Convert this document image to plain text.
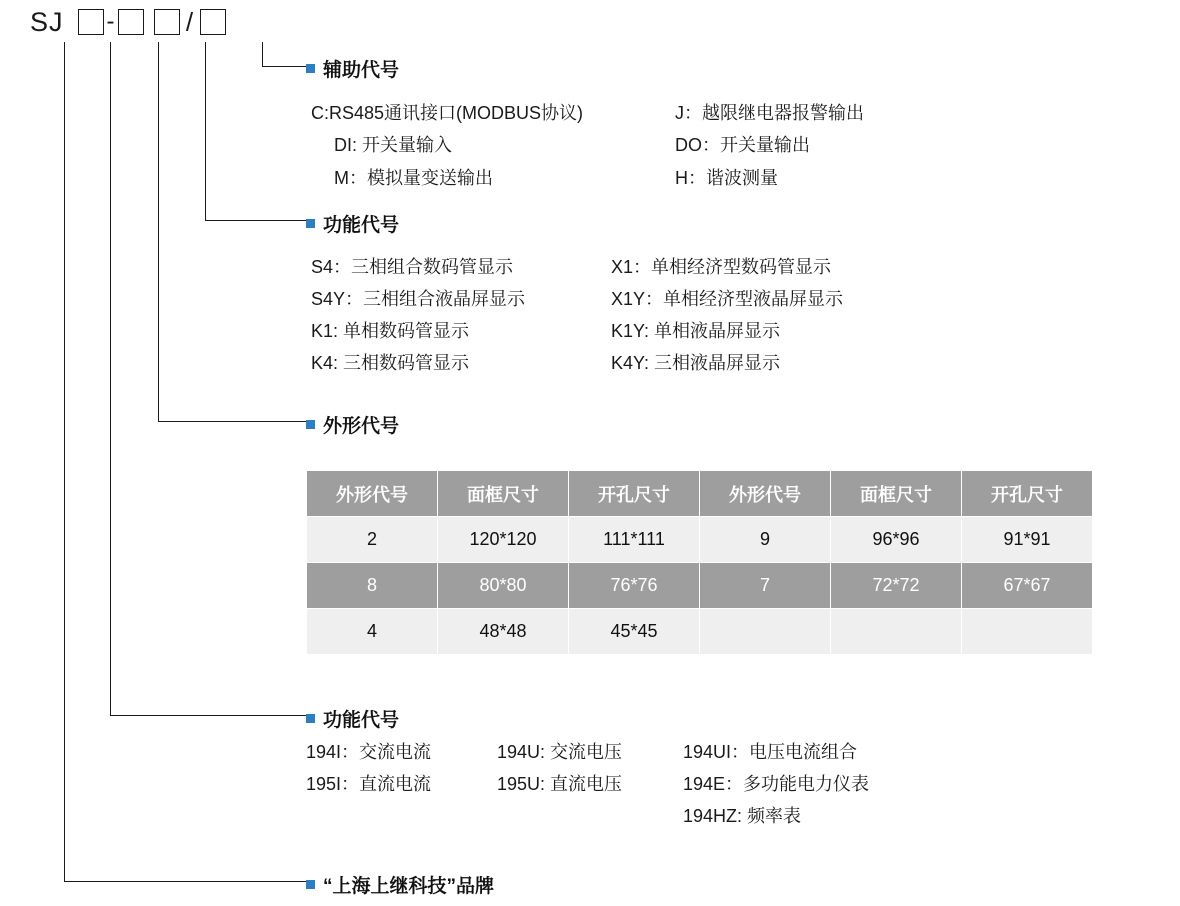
SJ -	/
辅助代号
C:RS485通讯接口(MODBUS协议)	J：越限继电器报警输出
DI: 开关量输入	DO：开关量输出
M：模拟量变送输出	H：谐波测量
功能代号
S4：三相组合数码管显示	X1：单相经济型数码管显示
S4Y：三相组合液晶屏显示	X1Y：单相经济型液晶屏显示
K1: 单相数码管显示	K1Y: 单相液晶屏显示
K4: 三相数码管显示	K4Y: 三相液晶屏显示
外形代号
外形代号	面框尺寸	开孔尺寸	外形代号	面框尺寸	开孔尺寸
2	120*120	111*111	9	96*96	91*91
8	80*80	76*76	7	72*72	67*67
4	48*48	45*45			
功能代号
194I：交流电流	194U: 交流电压	194UI：电压电流组合
195I：直流电流	195U: 直流电压	194E：多功能电力仪表
194HZ: 频率表
“上海上继科技”品牌
